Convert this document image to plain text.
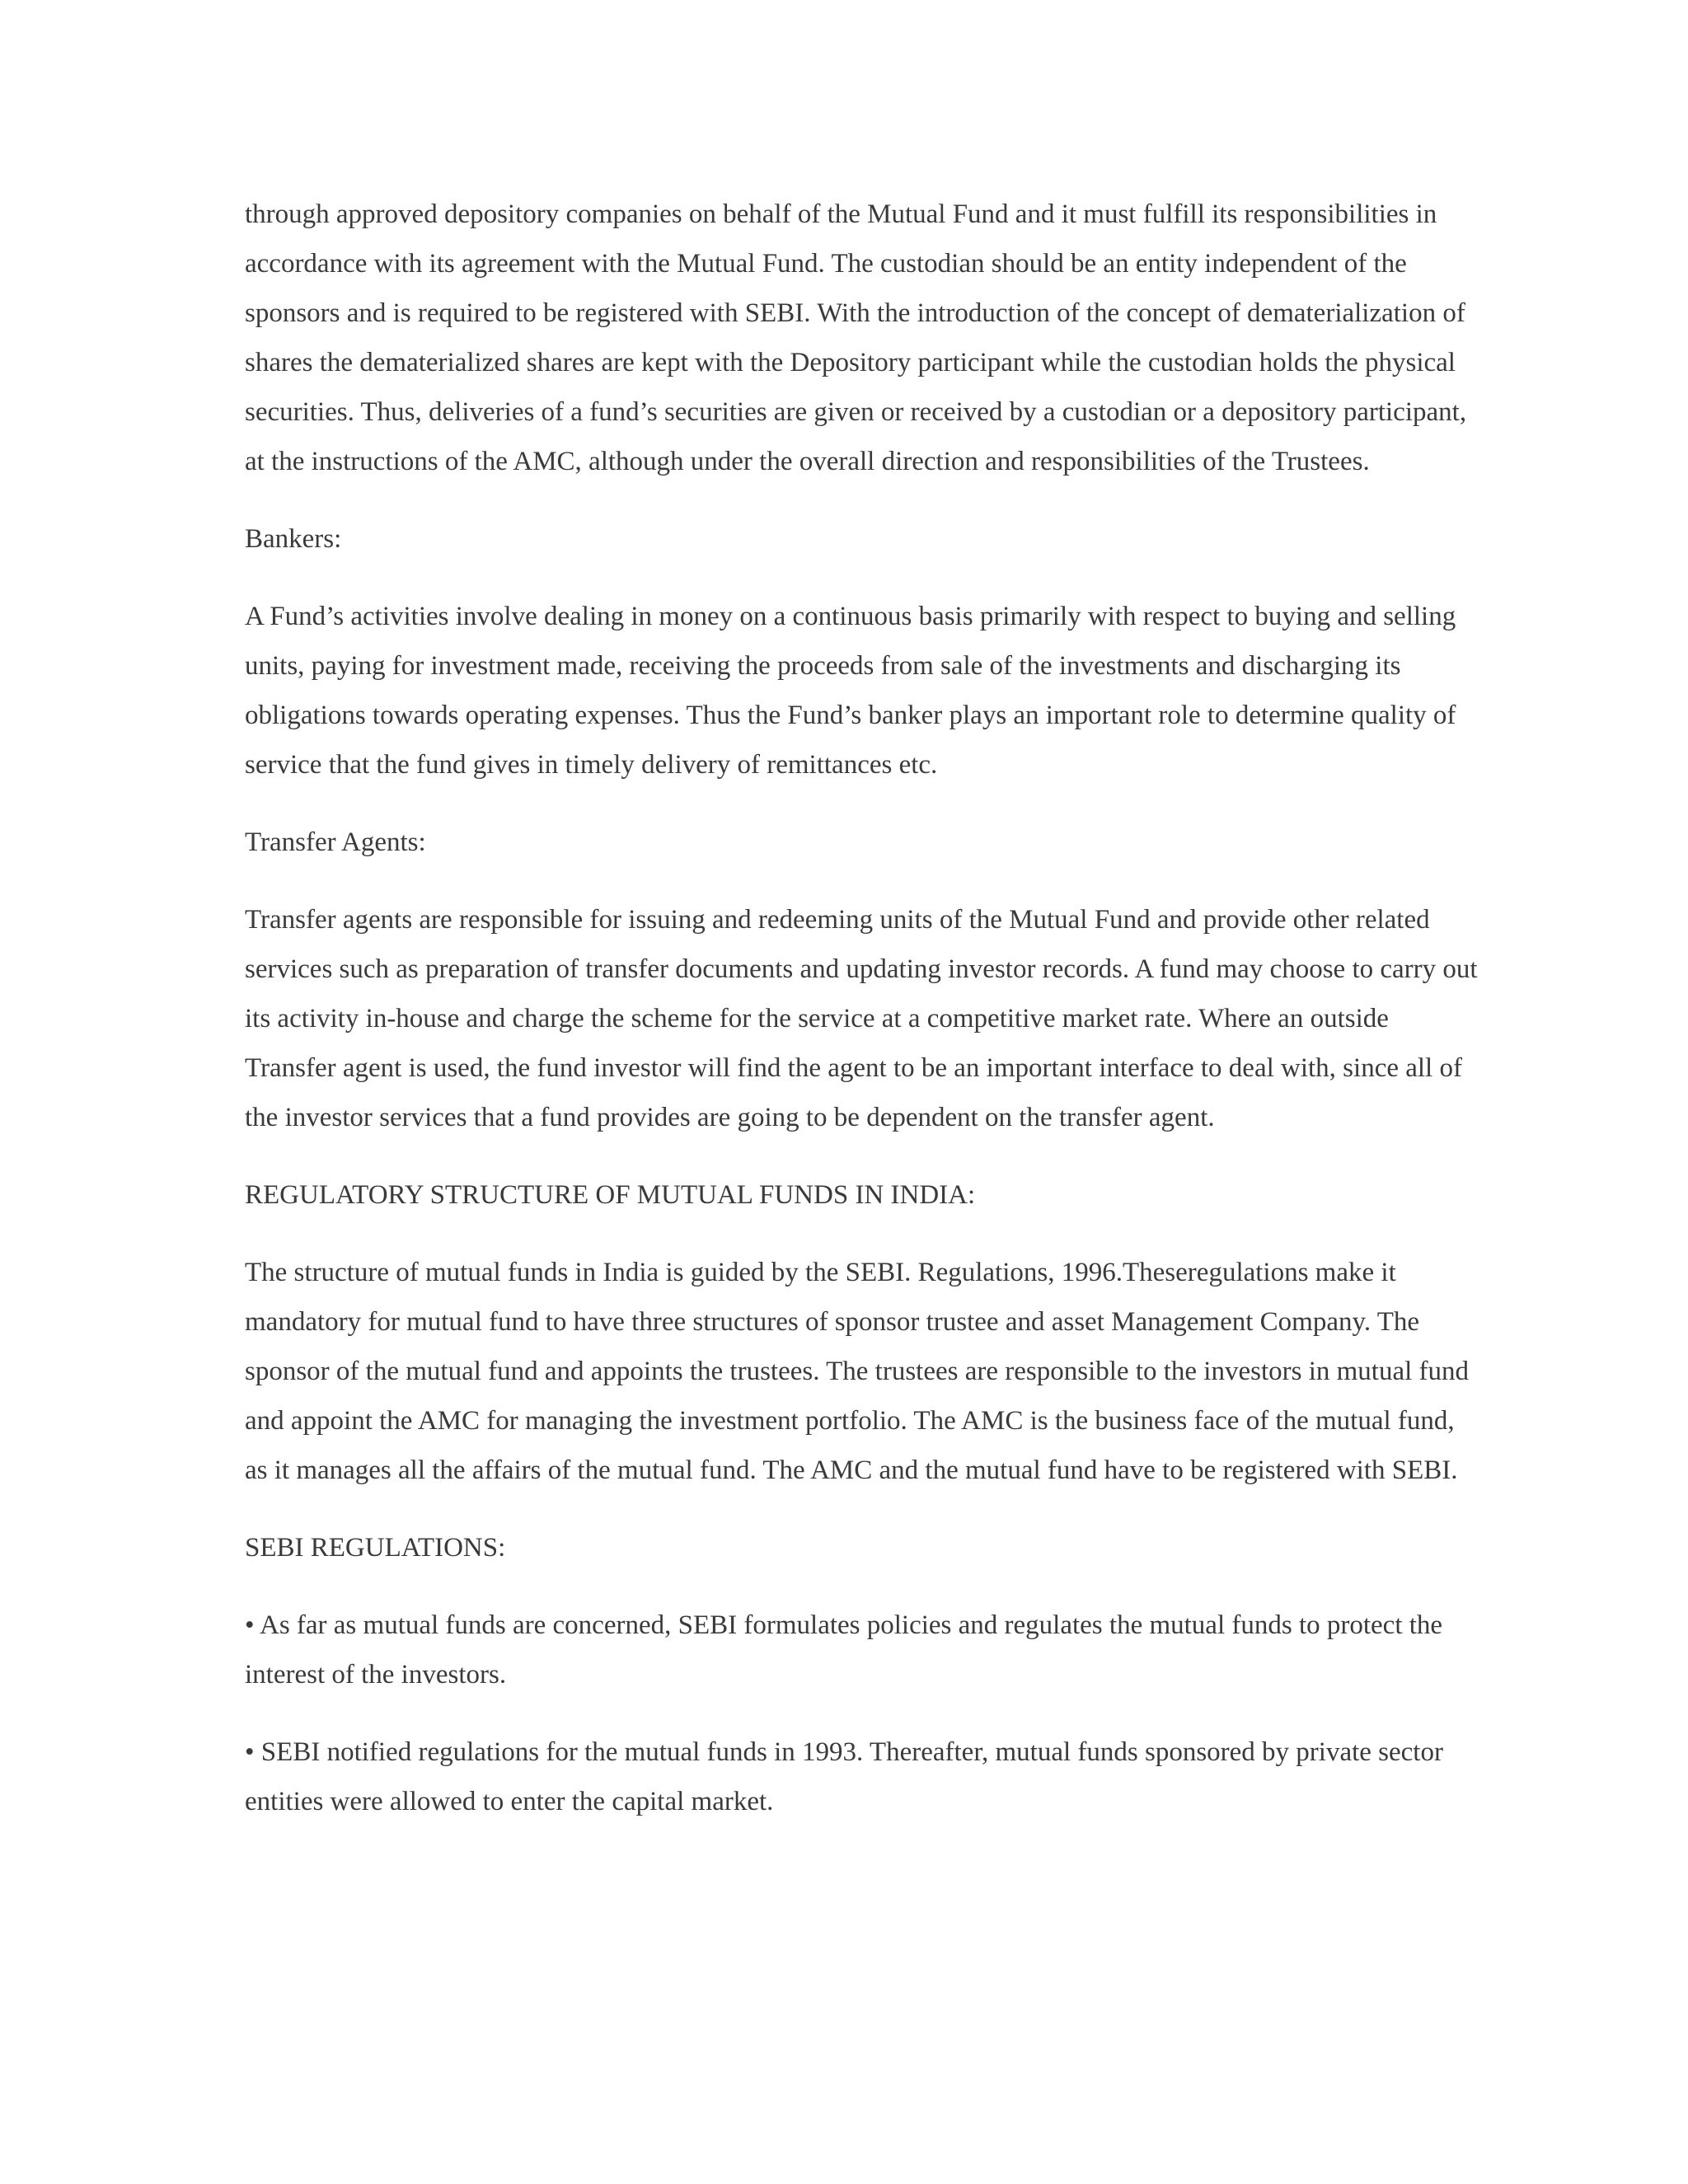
through approved depository companies on behalf of the Mutual Fund and it must fulfill its responsibilities in accordance with its agreement with the Mutual Fund. The custodian should be an entity independent of the sponsors and is required to be registered with SEBI. With the introduction of the concept of dematerialization of shares the dematerialized shares are kept with the Depository participant while the custodian holds the physical securities. Thus, deliveries of a fund’s securities are given or received by a custodian or a depository participant, at the instructions of the AMC, although under the overall direction and responsibilities of the Trustees.

Bankers:

A Fund’s activities involve dealing in money on a continuous basis primarily with respect to buying and selling units, paying for investment made, receiving the proceeds from sale of the investments and discharging its obligations towards operating expenses. Thus the Fund’s banker plays an important role to determine quality of service that the fund gives in timely delivery of remittances etc.

Transfer Agents:

Transfer agents are responsible for issuing and redeeming units of the Mutual Fund and provide other related services such as preparation of transfer documents and updating investor records. A fund may choose to carry out its activity in-house and charge the scheme for the service at a competitive market rate. Where an outside Transfer agent is used, the fund investor will find the agent to be an important interface to deal with, since all of the investor services that a fund provides are going to be dependent on the transfer agent.

REGULATORY STRUCTURE OF MUTUAL FUNDS IN INDIA:

The structure of mutual funds in India is guided by the SEBI. Regulations, 1996.Theseregulations make it mandatory for mutual fund to have three structures of sponsor trustee and asset Management Company. The sponsor of the mutual fund and appoints the trustees. The trustees are responsible to the investors in mutual fund and appoint the AMC for managing the investment portfolio. The AMC is the business face of the mutual fund, as it manages all the affairs of the mutual fund. The AMC and the mutual fund have to be registered with SEBI.

SEBI REGULATIONS:

• As far as mutual funds are concerned, SEBI formulates policies and regulates the mutual funds to protect the interest of the investors.

• SEBI notified regulations for the mutual funds in 1993. Thereafter, mutual funds sponsored by private sector entities were allowed to enter the capital market.
